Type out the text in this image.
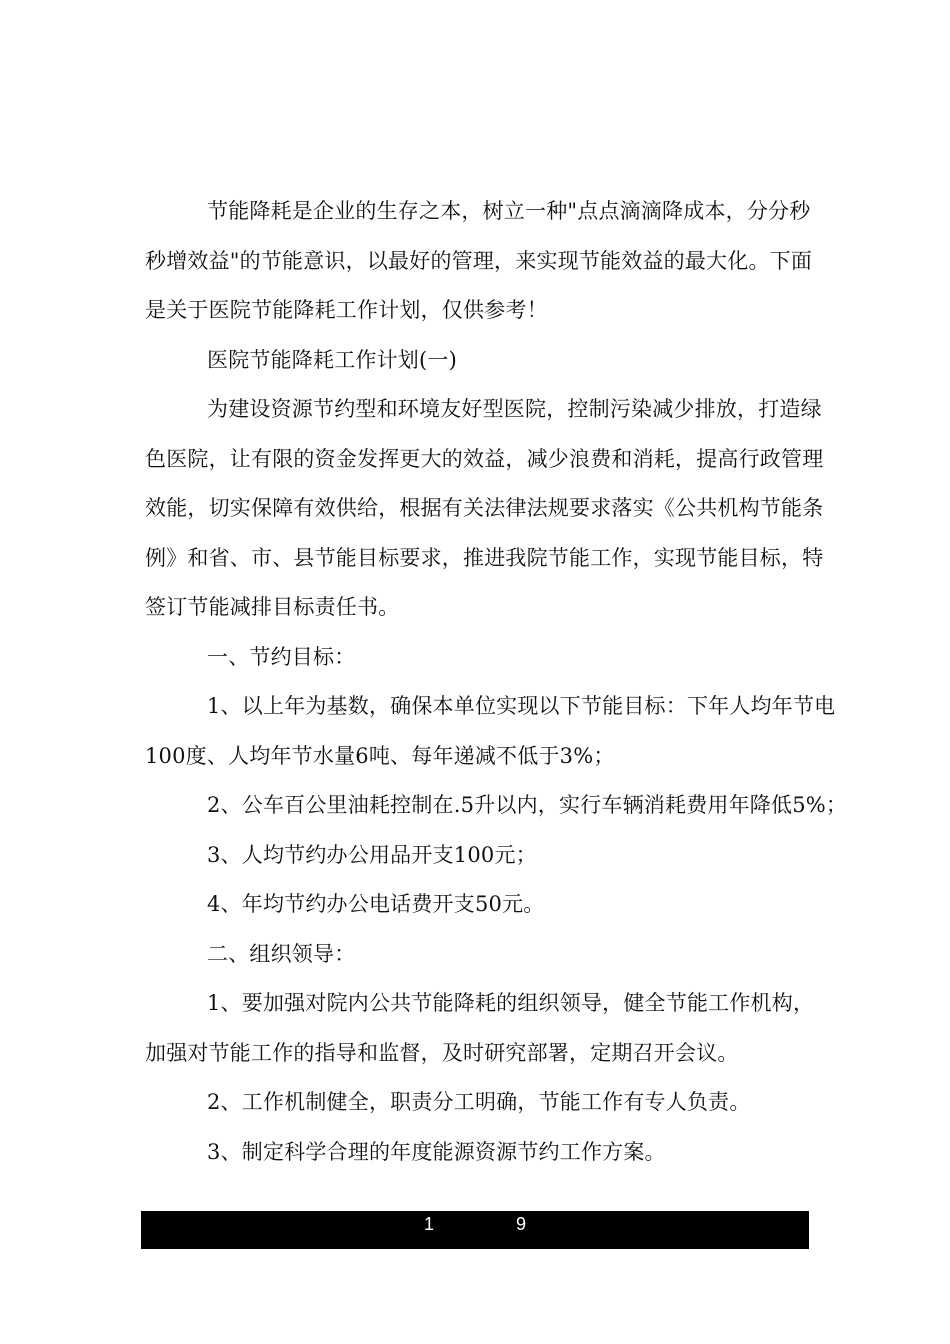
节能降耗是企业的生存之本，树立一种"点点滴滴降成本，分分秒
秒增效益"的节能意识，以最好的管理，来实现节能效益的最大化。下面
是关于医院节能降耗工作计划，仅供参考！

医院节能降耗工作计划(一)

为建设资源节约型和环境友好型医院，控制污染减少排放，打造绿
色医院，让有限的资金发挥更大的效益，减少浪费和消耗，提高行政管理
效能，切实保障有效供给，根据有关法律法规要求落实《公共机构节能条
例》和省、市、县节能目标要求，推进我院节能工作，实现节能目标，特
签订节能减排目标责任书。

一、节约目标：

1、以上年为基数，确保本单位实现以下节能目标：下年人均年节电
100度、人均年节水量6吨、每年递减不低于3%；

2、公车百公里油耗控制在.5升以内，实行车辆消耗费用年降低5%；

3、人均节约办公用品开支100元；

4、年均节约办公电话费开支50元。

二、组织领导：

1、要加强对院内公共节能降耗的组织领导，健全节能工作机构，
加强对节能工作的指导和监督，及时研究部署，定期召开会议。

2、工作机制健全，职责分工明确，节能工作有专人负责。

3、制定科学合理的年度能源资源节约工作方案。

1	9
